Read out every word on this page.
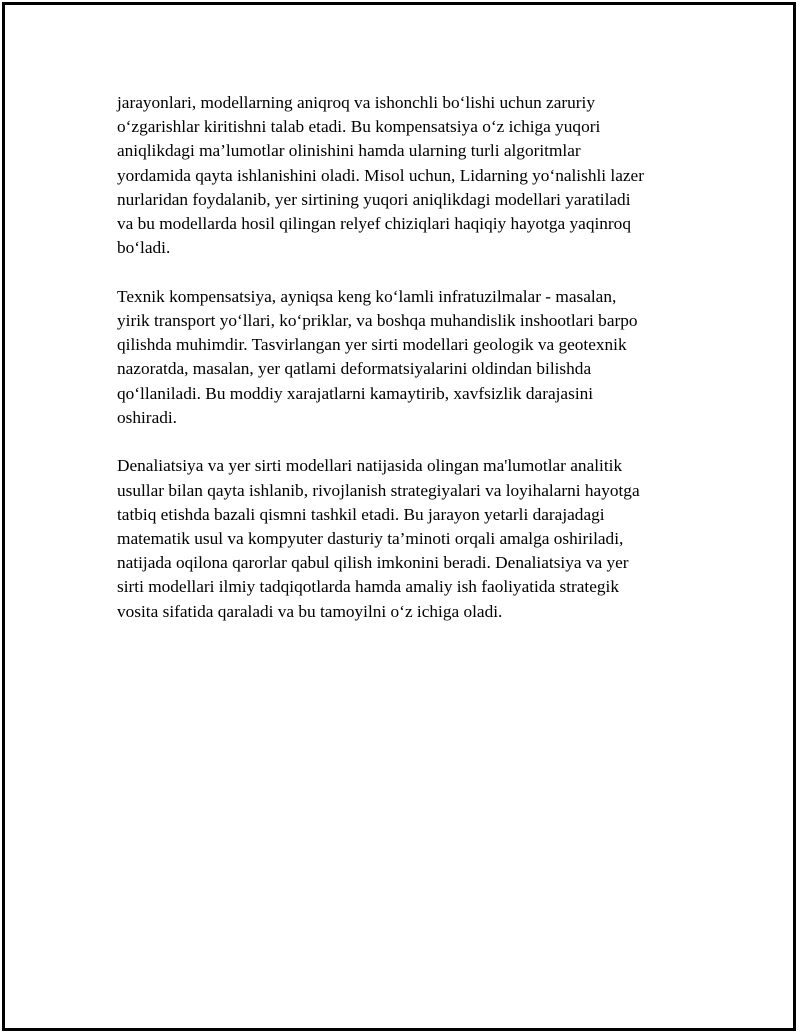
jarayonlari, modellarning aniqroq va ishonchli bo‘lishi uchun zaruriy
o‘zgarishlar kiritishni talab etadi. Bu kompensatsiya o‘z ichiga yuqori
aniqlikdagi ma’lumotlar olinishini hamda ularning turli algoritmlar
yordamida qayta ishlanishini oladi. Misol uchun, Lidarning yo‘nalishli lazer
nurlaridan foydalanib, yer sirtining yuqori aniqlikdagi modellari yaratiladi
va bu modellarda hosil qilingan relyef chiziqlari haqiqiy hayotga yaqinroq
bo‘ladi.

Texnik kompensatsiya, ayniqsa keng ko‘lamli infratuzilmalar - masalan,
yirik transport yo‘llari, ko‘priklar, va boshqa muhandislik inshootlari barpo
qilishda muhimdir. Tasvirlangan yer sirti modellari geologik va geotexnik
nazoratda, masalan, yer qatlami deformatsiyalarini oldindan bilishda
qo‘llaniladi. Bu moddiy xarajatlarni kamaytirib, xavfsizlik darajasini
oshiradi.

Denaliatsiya va yer sirti modellari natijasida olingan ma'lumotlar analitik
usullar bilan qayta ishlanib, rivojlanish strategiyalari va loyihalarni hayotga
tatbiq etishda bazali qismni tashkil etadi. Bu jarayon yetarli darajadagi
matematik usul va kompyuter dasturiy ta’minoti orqali amalga oshiriladi,
natijada oqilona qarorlar qabul qilish imkonini beradi. Denaliatsiya va yer
sirti modellari ilmiy tadqiqotlarda hamda amaliy ish faoliyatida strategik
vosita sifatida qaraladi va bu tamoyilni o‘z ichiga oladi.
